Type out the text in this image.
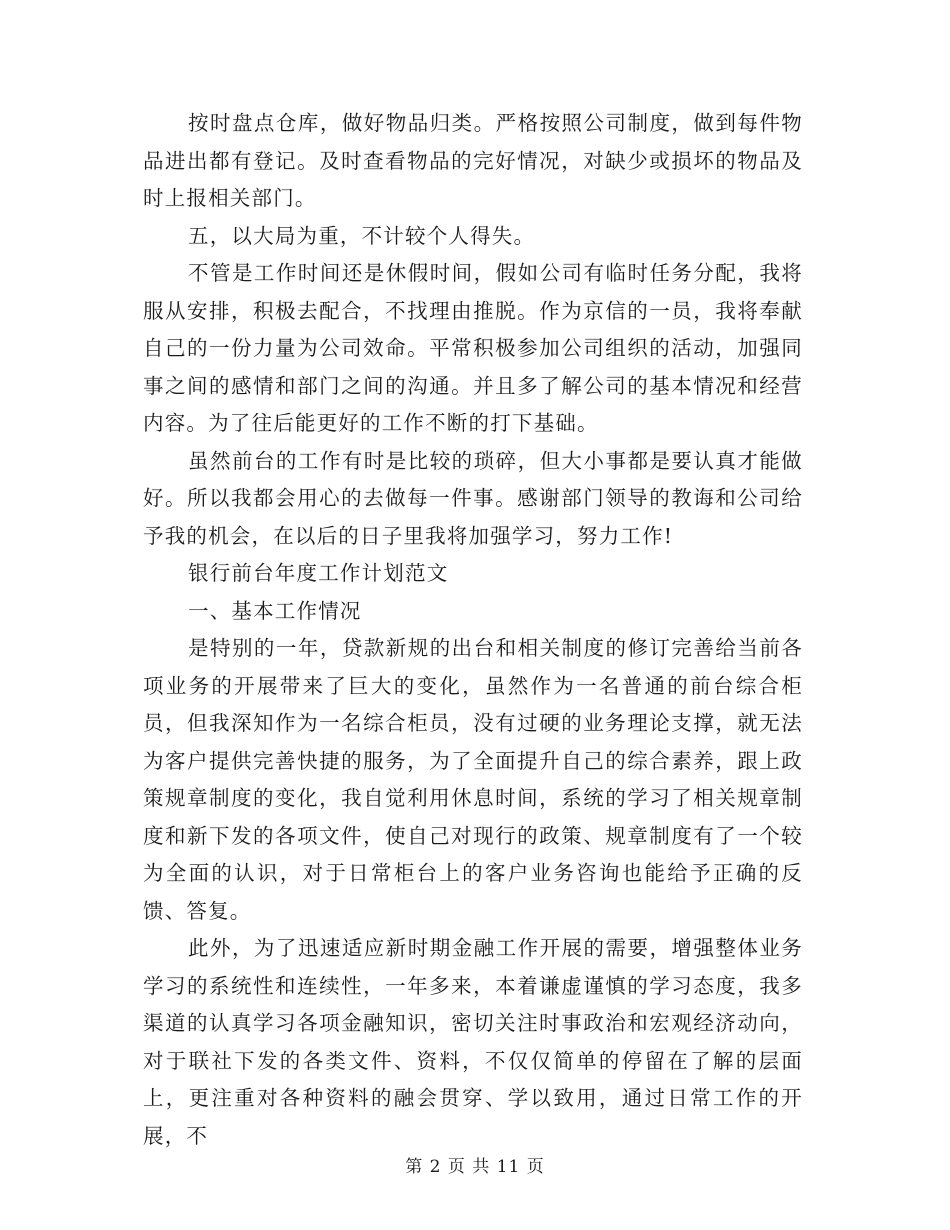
按时盘点仓库，做好物品归类。严格按照公司制度，做到每件物品进出都有登记。及时查看物品的完好情况，对缺少或损坏的物品及时上报相关部门。

五，以大局为重，不计较个人得失。

不管是工作时间还是休假时间，假如公司有临时任务分配，我将服从安排，积极去配合，不找理由推脱。作为京信的一员，我将奉献自己的一份力量为公司效命。平常积极参加公司组织的活动，加强同事之间的感情和部门之间的沟通。并且多了解公司的基本情况和经营内容。为了往后能更好的工作不断的打下基础。

虽然前台的工作有时是比较的琐碎，但大小事都是要认真才能做好。所以我都会用心的去做每一件事。感谢部门领导的教诲和公司给予我的机会，在以后的日子里我将加强学习，努力工作!

银行前台年度工作计划范文

一、基本工作情况

是特别的一年，贷款新规的出台和相关制度的修订完善给当前各项业务的开展带来了巨大的变化，虽然作为一名普通的前台综合柜员，但我深知作为一名综合柜员，没有过硬的业务理论支撑，就无法为客户提供完善快捷的服务，为了全面提升自己的综合素养，跟上政策规章制度的变化，我自觉利用休息时间，系统的学习了相关规章制度和新下发的各项文件，使自己对现行的政策、规章制度有了一个较为全面的认识，对于日常柜台上的客户业务咨询也能给予正确的反馈、答复。

此外，为了迅速适应新时期金融工作开展的需要，增强整体业务学习的系统性和连续性，一年多来，本着谦虚谨慎的学习态度，我多渠道的认真学习各项金融知识，密切关注时事政治和宏观经济动向，对于联社下发的各类文件、资料，不仅仅简单的停留在了解的层面上，更注重对各种资料的融会贯穿、学以致用，通过日常工作的开展，不

第 2 页 共 11 页
